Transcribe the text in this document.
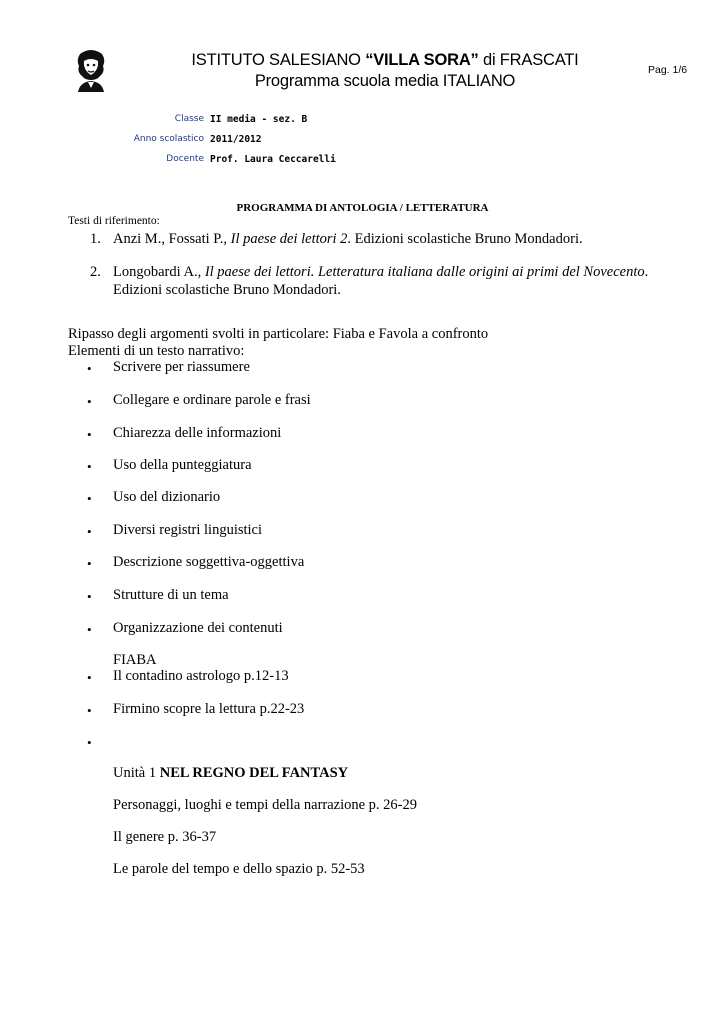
ISTITUTO SALESIANO “VILLA SORA” di FRASCATI
Programma scuola media ITALIANO
Pag. 1/6
Classe II media - sez. B
Anno scolastico 2011/2012
Docente Prof. Laura Ceccarelli
PROGRAMMA DI ANTOLOGIA / LETTERATURA
Testi di riferimento:
1. Anzi M., Fossati P., Il paese dei lettori 2. Edizioni scolastiche Bruno Mondadori.
2. Longobardi A., Il paese dei lettori. Letteratura italiana dalle origini ai primi del Novecento.
Edizioni scolastiche Bruno Mondadori.
Ripasso degli argomenti svolti in particolare: Fiaba e Favola a confronto
Elementi di un testo narrativo:
• Scrivere per riassumere
• Collegare e ordinare parole e frasi
• Chiarezza delle informazioni
• Uso della punteggiatura
• Uso del dizionario
• Diversi registri linguistici
• Descrizione soggettiva-oggettiva
• Strutture di un tema
• Organizzazione dei contenuti
FIABA
• Il contadino astrologo p.12-13
• Firmino scopre la lettura p.22-23
•
Unità 1 NEL REGNO DEL FANTASY
Personaggi, luoghi e tempi della narrazione p. 26-29
Il genere p. 36-37
Le parole del tempo e dello spazio p. 52-53
